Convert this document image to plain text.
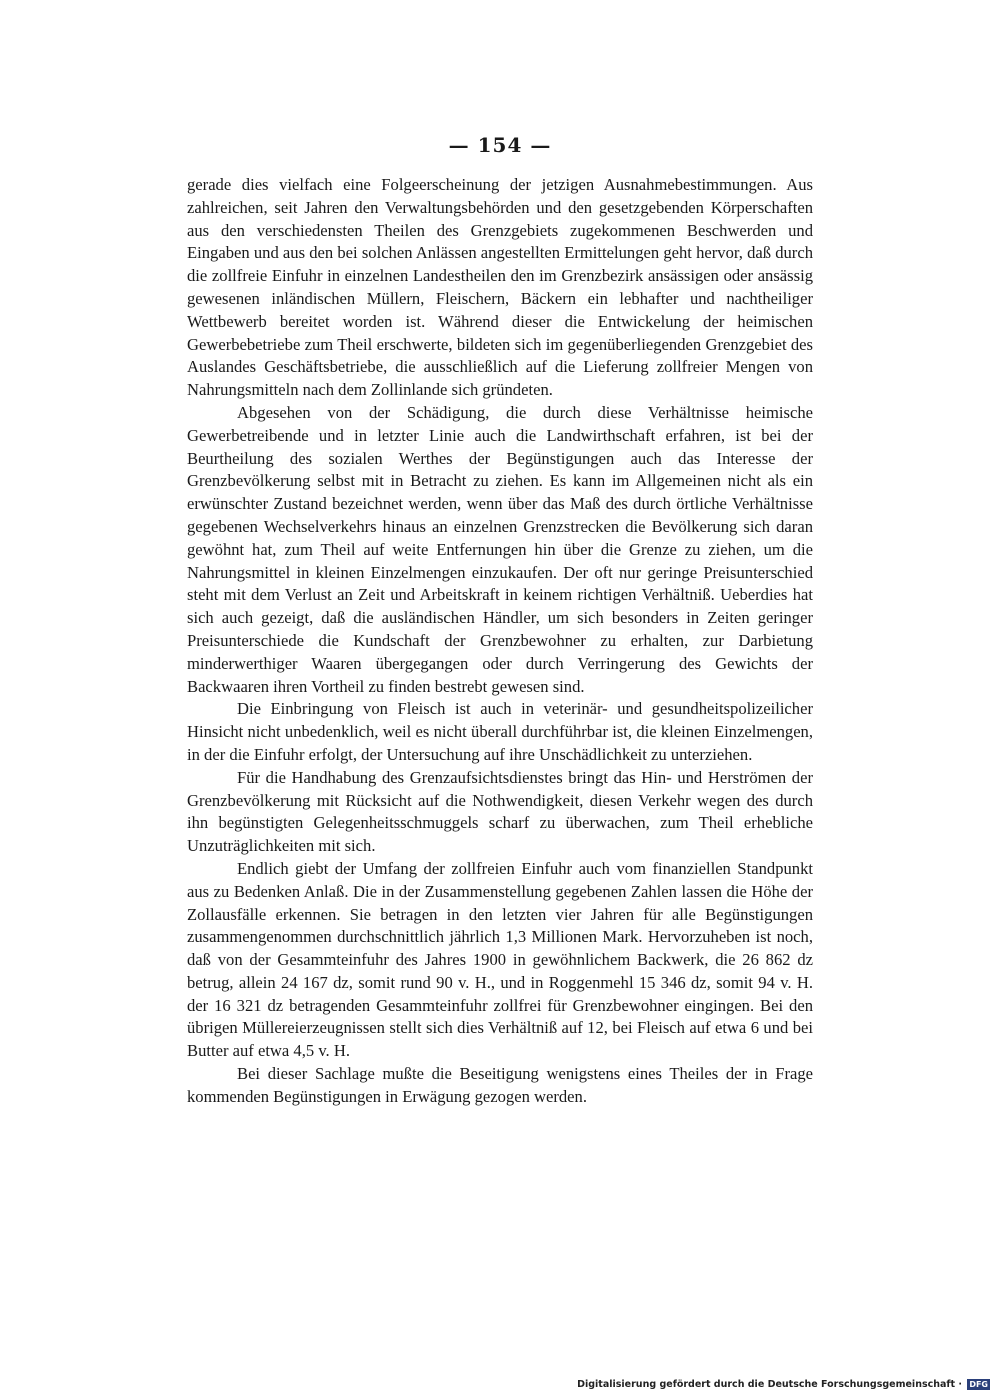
— 154 —

gerade dies vielfach eine Folgeerscheinung der jetzigen Ausnahmebestimmungen. Aus zahlreichen, seit Jahren den Verwaltungsbehörden und den gesetzgebenden Körperschaften aus den verschiedensten Theilen des Grenzgebiets zugekommenen Beschwerden und Eingaben und aus den bei solchen Anlässen angestellten Ermittelungen geht hervor, daß durch die zollfreie Einfuhr in einzelnen Landestheilen den im Grenzbezirk ansässigen oder ansässig gewesenen inländischen Müllern, Fleischern, Bäckern ein lebhafter und nachtheiliger Wettbewerb bereitet worden ist. Während dieser die Entwickelung der heimischen Gewerbebetriebe zum Theil erschwerte, bildeten sich im gegenüberliegenden Grenzgebiet des Auslandes Geschäftsbetriebe, die ausschließlich auf die Lieferung zollfreier Mengen von Nahrungsmitteln nach dem Zollinlande sich gründeten.

Abgesehen von der Schädigung, die durch diese Verhältnisse heimische Gewerbetreibende und in letzter Linie auch die Landwirthschaft erfahren, ist bei der Beurtheilung des sozialen Werthes der Begünstigungen auch das Interesse der Grenzbevölkerung selbst mit in Betracht zu ziehen. Es kann im Allgemeinen nicht als ein erwünschter Zustand bezeichnet werden, wenn über das Maß des durch örtliche Verhältnisse gegebenen Wechselverkehrs hinaus an einzelnen Grenzstrecken die Bevölkerung sich daran gewöhnt hat, zum Theil auf weite Entfernungen hin über die Grenze zu ziehen, um die Nahrungsmittel in kleinen Einzelmengen einzukaufen. Der oft nur geringe Preisunterschied steht mit dem Verlust an Zeit und Arbeitskraft in keinem richtigen Verhältniß. Ueberdies hat sich auch gezeigt, daß die ausländischen Händler, um sich besonders in Zeiten geringer Preisunterschiede die Kundschaft der Grenzbewohner zu erhalten, zur Darbietung minderwerthiger Waaren übergegangen oder durch Verringerung des Gewichts der Backwaaren ihren Vortheil zu finden bestrebt gewesen sind.

Die Einbringung von Fleisch ist auch in veterinär- und gesundheitspolizeilicher Hinsicht nicht unbedenklich, weil es nicht überall durchführbar ist, die kleinen Einzelmengen, in der die Einfuhr erfolgt, der Untersuchung auf ihre Unschädlichkeit zu unterziehen.

Für die Handhabung des Grenzaufsichtsdienstes bringt das Hin- und Herströmen der Grenzbevölkerung mit Rücksicht auf die Nothwendigkeit, diesen Verkehr wegen des durch ihn begünstigten Gelegenheitsschmuggels scharf zu überwachen, zum Theil erhebliche Unzuträglichkeiten mit sich.

Endlich giebt der Umfang der zollfreien Einfuhr auch vom finanziellen Standpunkt aus zu Bedenken Anlaß. Die in der Zusammenstellung gegebenen Zahlen lassen die Höhe der Zollausfälle erkennen. Sie betragen in den letzten vier Jahren für alle Begünstigungen zusammengenommen durchschnittlich jährlich 1,3 Millionen Mark. Hervorzuheben ist noch, daß von der Gesammteinfuhr des Jahres 1900 in gewöhnlichem Backwerk, die 26 862 dz betrug, allein 24 167 dz, somit rund 90 v. H., und in Roggenmehl 15 346 dz, somit 94 v. H. der 16 321 dz betragenden Gesammteinfuhr zollfrei für Grenzbewohner eingingen. Bei den übrigen Müllereierzeugnissen stellt sich dies Verhältniß auf 12, bei Fleisch auf etwa 6 und bei Butter auf etwa 4,5 v. H.

Bei dieser Sachlage mußte die Beseitigung wenigstens eines Theiles der in Frage kommenden Begünstigungen in Erwägung gezogen werden.

Digitalisierung gefördert durch die Deutsche Forschungsgemeinschaft · DFG
